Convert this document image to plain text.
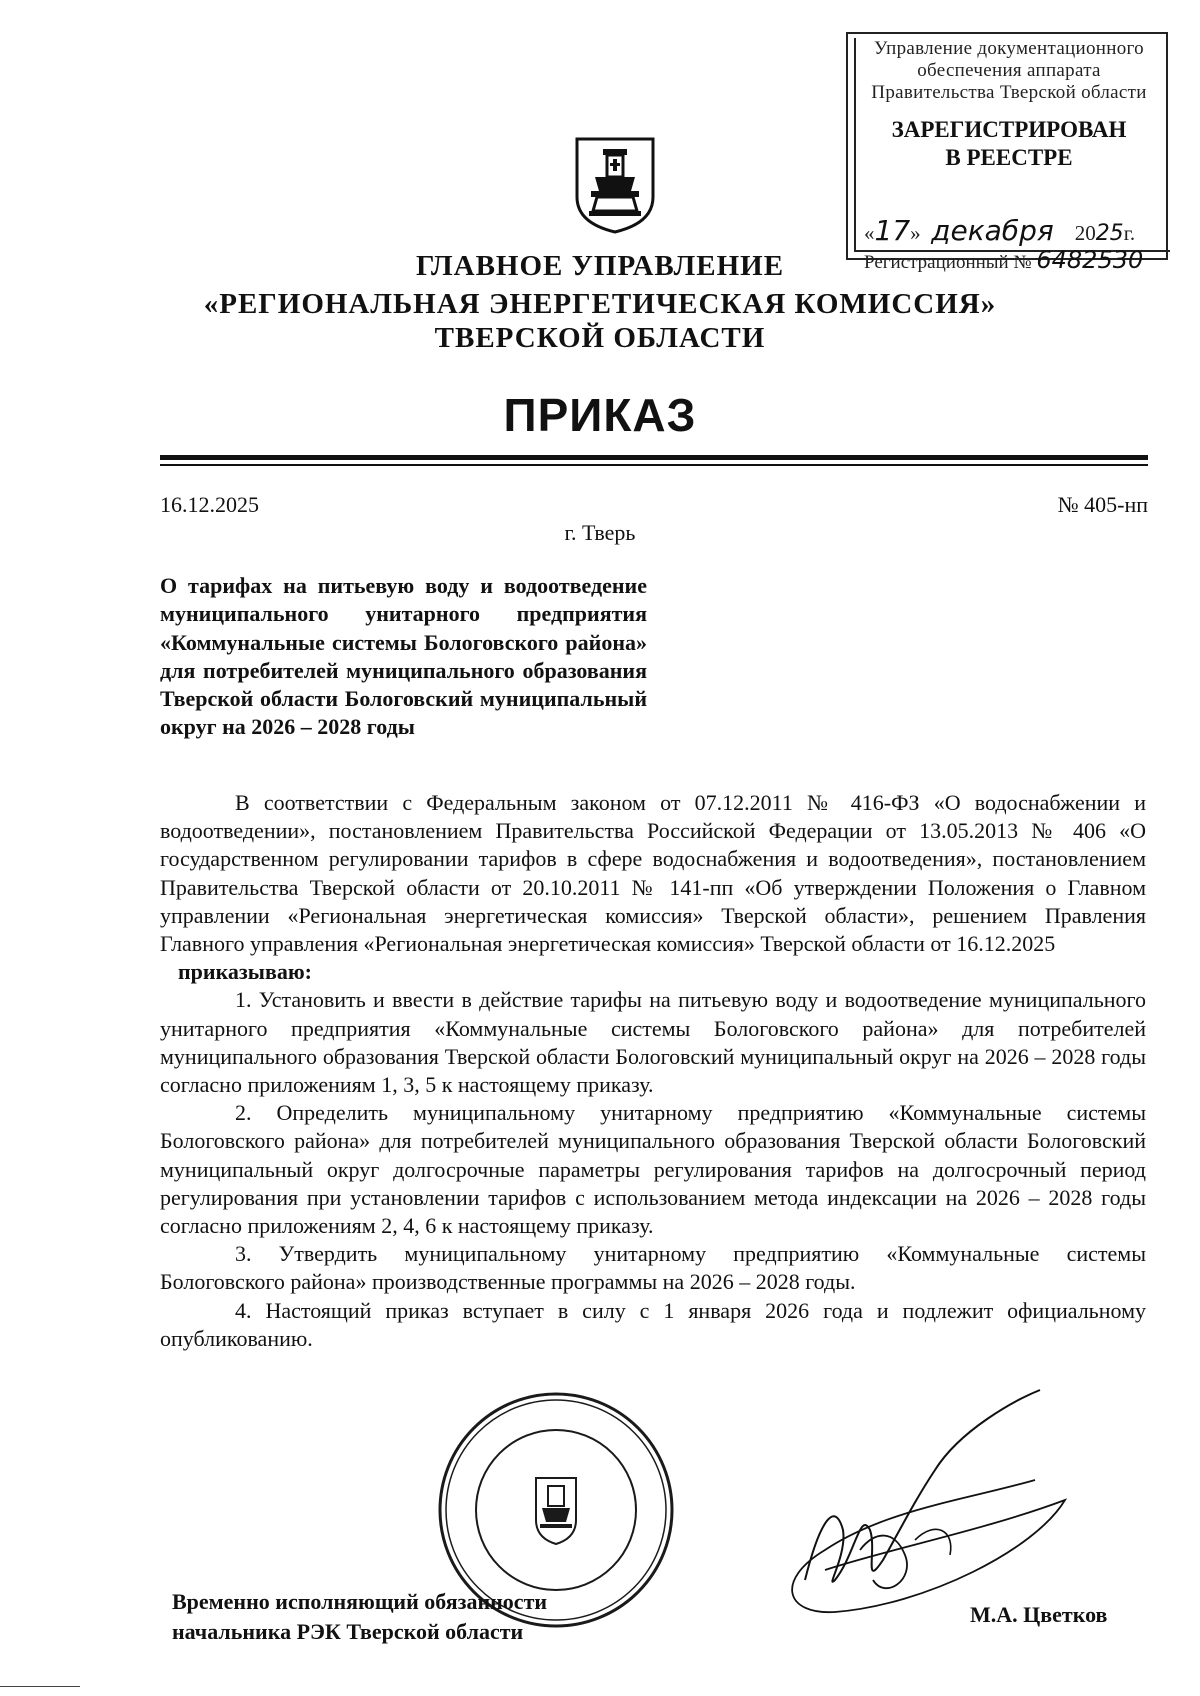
Управление документационного
обеспечения аппарата
Правительства Тверской области
ЗАРЕГИСТРИРОВАН
В РЕЕСТРЕ
«17»  декабря 2025г.
Регистрационный № 6482530
ГЛАВНОЕ УПРАВЛЕНИЕ
«РЕГИОНАЛЬНАЯ ЭНЕРГЕТИЧЕСКАЯ КОМИССИЯ»
ТВЕРСКОЙ ОБЛАСТИ
ПРИКАЗ
16.12.2025	№ 405-нп
г. Тверь
О тарифах на питьевую воду и водоотведение муниципального унитарного предприятия «Коммунальные системы Бологовского района» для потребителей муниципального образования Тверской области Бологовский муниципальный округ на 2026 – 2028 годы

В соответствии с Федеральным законом от 07.12.2011 № 416-ФЗ «О водоснабжении и водоотведении», постановлением Правительства Российской Федерации от 13.05.2013 № 406 «О государственном регулировании тарифов в сфере водоснабжения и водоотведения», постановлением Правительства Тверской области от 20.10.2011 № 141-пп «Об утверждении Положения о Главном управлении «Региональная энергетическая комиссия» Тверской области», решением Правления Главного управления «Региональная энергетическая комиссия» Тверской области от 16.12.2025

приказываю:

1. Установить и ввести в действие тарифы на питьевую воду и водоотведение муниципального унитарного предприятия «Коммунальные системы Бологовского района» для потребителей муниципального образования Тверской области Бологовский муниципальный округ на 2026 – 2028 годы согласно приложениям 1, 3, 5 к настоящему приказу.

2. Определить муниципальному унитарному предприятию «Коммунальные системы Бологовского района» для потребителей муниципального образования Тверской области Бологовский муниципальный округ долгосрочные параметры регулирования тарифов на долгосрочный период регулирования при установлении тарифов с использованием метода индексации на 2026 – 2028 годы согласно приложениям 2, 4, 6 к настоящему приказу.

3. Утвердить муниципальному унитарному предприятию «Коммунальные системы Бологовского района» производственные программы на 2026 – 2028 годы.

4. Настоящий приказ вступает в силу с 1 января 2026 года и подлежит официальному опубликованию.

Временно исполняющий обязанности
начальника РЭК Тверской области
М.А. Цветков
